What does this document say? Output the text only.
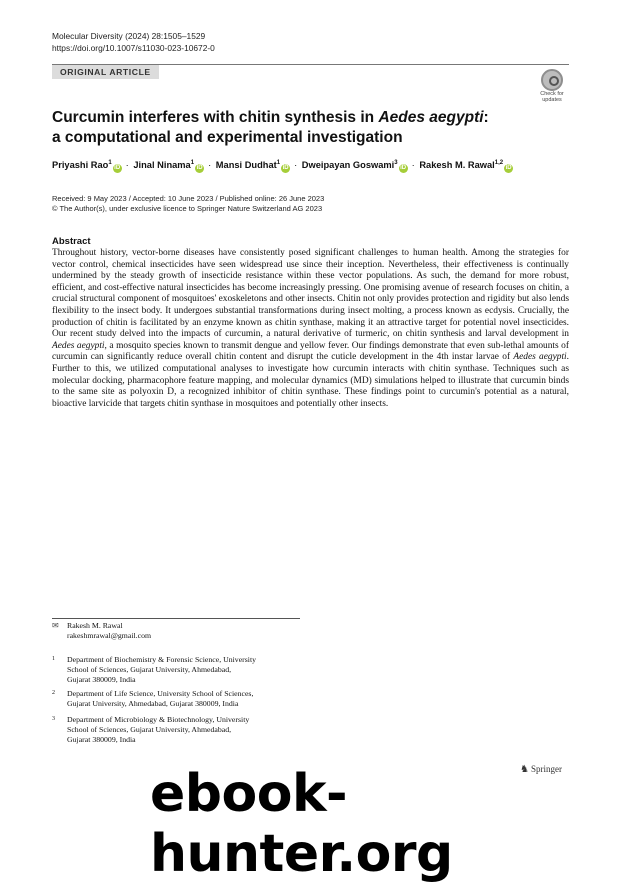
Molecular Diversity (2024) 28:1505–1529
https://doi.org/10.1007/s11030-023-10672-0
ORIGINAL ARTICLE
Check for
updates
Curcumin interferes with chitin synthesis in Aedes aegypti:
a computational and experimental investigation
Priyashi Rao$^1$iD · Jinal Ninama$^1$iD · Mansi Dudhat$^1$iD · Dweipayan Goswami$^3$iD · Rakesh M. Rawal$^{1,2}$iD
Received: 9 May 2023 / Accepted: 10 June 2023 / Published online: 26 June 2023
© The Author(s), under exclusive licence to Springer Nature Switzerland AG 2023
Abstract
Throughout history, vector-borne diseases have consistently posed significant challenges to human health. Among the strategies for vector control, chemical insecticides have seen widespread use since their inception. Nevertheless, their effectiveness is continually undermined by the steady growth of insecticide resistance within these vector populations. As such, the demand for more robust, efficient, and cost-effective natural insecticides has become increasingly pressing. One promising avenue of research focuses on chitin, a crucial structural component of mosquitoes' exoskeletons and other insects. Chitin not only provides protection and rigidity but also lends flexibility to the insect body. It undergoes substantial transformations during insect molting, a process known as ecdysis. Crucially, the production of chitin is facilitated by an enzyme known as chitin synthase, making it an attractive target for potential novel insecticides. Our recent study delved into the impacts of curcumin, a natural derivative of turmeric, on chitin synthesis and larval development in Aedes aegypti, a mosquito species known to transmit dengue and yellow fever. Our findings demonstrate that even sub-lethal amounts of curcumin can significantly reduce overall chitin content and disrupt the cuticle development in the 4th instar larvae of Aedes aegypti. Further to this, we utilized computational analyses to investigate how curcumin interacts with chitin synthase. Techniques such as molecular docking, pharmacophore feature mapping, and molecular dynamics (MD) simulations helped to illustrate that curcumin binds to the same site as polyoxin D, a recognized inhibitor of chitin synthase. These findings point to curcumin's potential as a natural, bioactive larvicide that targets chitin synthase in mosquitoes and potentially other insects.
✉ Rakesh M. Rawal
rakeshmrawal@gmail.com
1 Department of Biochemistry & Forensic Science, University
School of Sciences, Gujarat University, Ahmedabad,
Gujarat 380009, India
2 Department of Life Science, University School of Sciences,
Gujarat University, Ahmedabad, Gujarat 380009, India
3 Department of Microbiology & Biotechnology, University
School of Sciences, Gujarat University, Ahmedabad,
Gujarat 380009, India
♞ Springer
ebook-hunter.org
